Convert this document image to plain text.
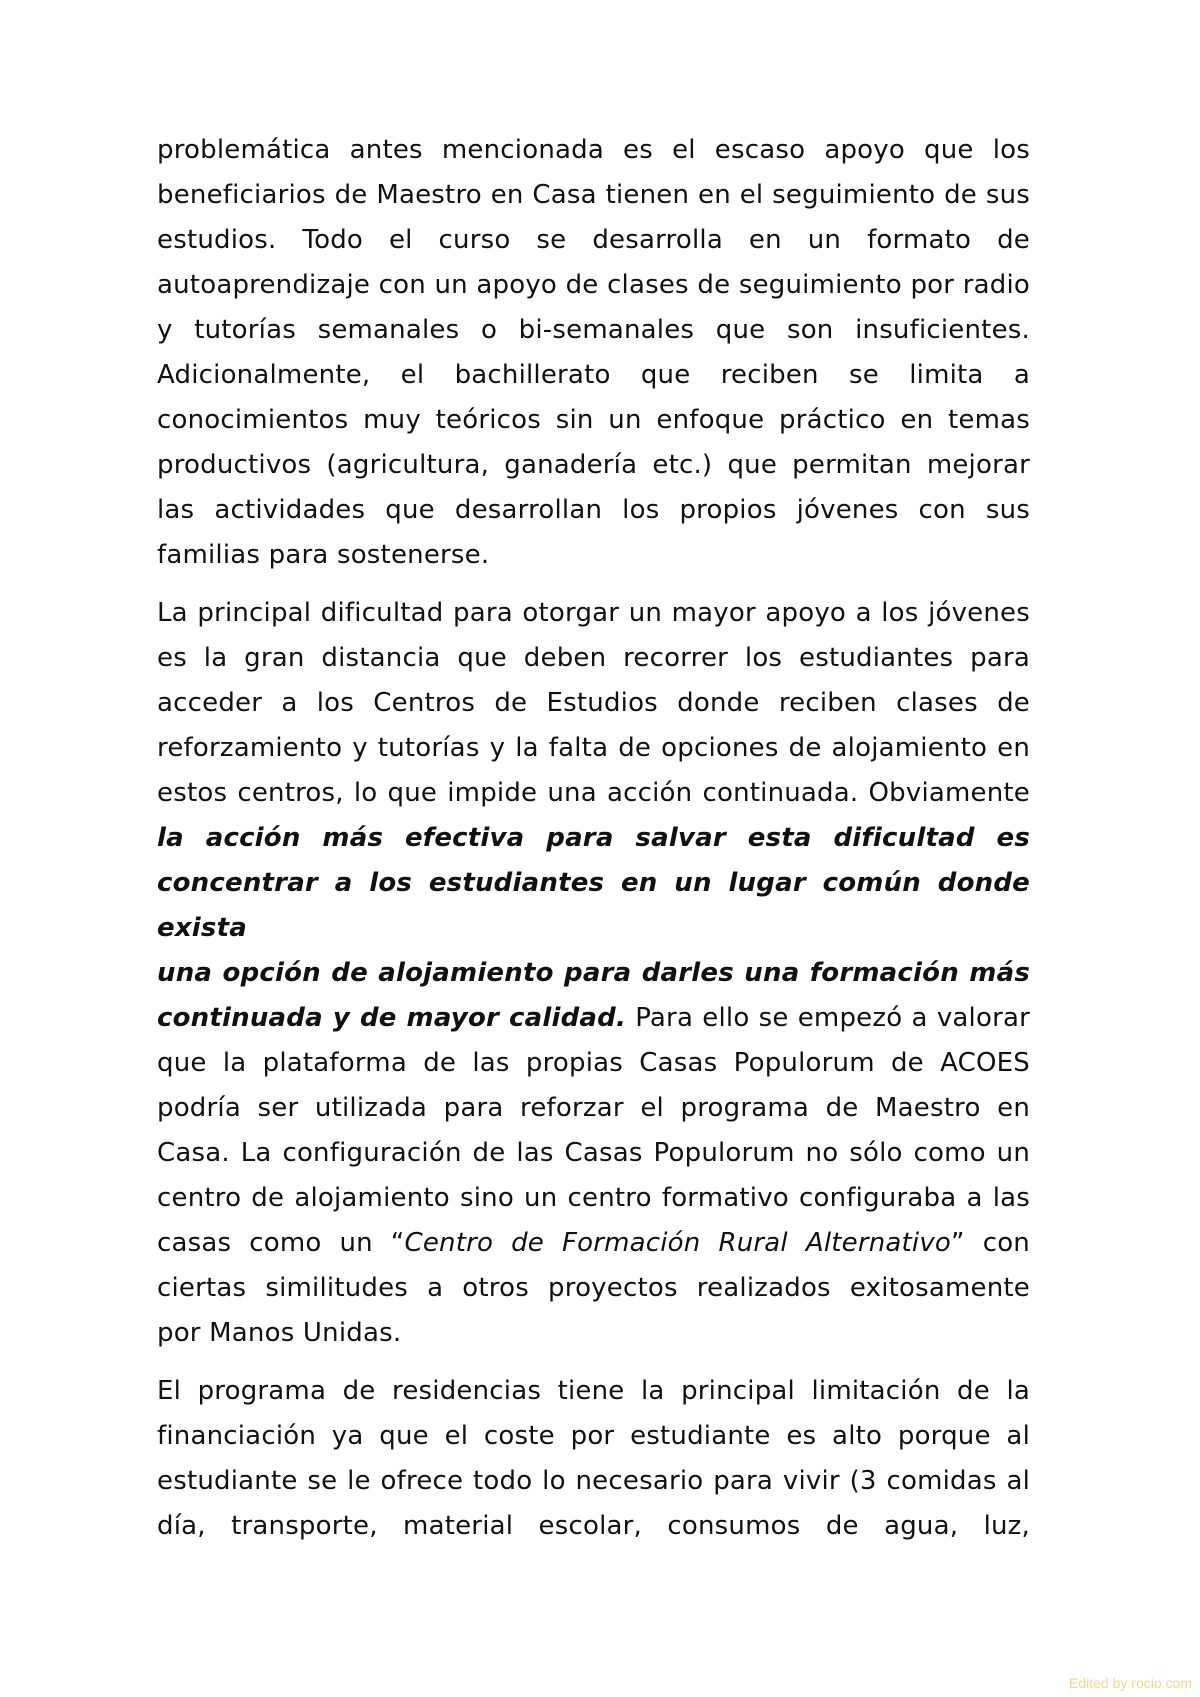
problemática antes mencionada es el escaso apoyo que los
beneficiarios de Maestro en Casa tienen en el seguimiento de sus
estudios. Todo el curso se desarrolla en un formato de
autoaprendizaje con un apoyo de clases de seguimiento por radio
y tutorías semanales o bi-semanales que son insuficientes.
Adicionalmente, el bachillerato que reciben se limita a
conocimientos muy teóricos sin un enfoque práctico en temas
productivos (agricultura, ganadería etc.) que permitan mejorar
las actividades que desarrollan los propios jóvenes con sus
familias para sostenerse.
La principal dificultad para otorgar un mayor apoyo a los jóvenes
es la gran distancia que deben recorrer los estudiantes para
acceder a los Centros de Estudios donde reciben clases de
reforzamiento y tutorías y la falta de opciones de alojamiento en
estos centros, lo que impide una acción continuada. Obviamente
la acción más efectiva para salvar esta dificultad es
concentrar a los estudiantes en un lugar común donde exista
una opción de alojamiento para darles una formación más
continuada y de mayor calidad. Para ello se empezó a valorar
que la plataforma de las propias Casas Populorum de ACOES
podría ser utilizada para reforzar el programa de Maestro en
Casa. La configuración de las Casas Populorum no sólo como un
centro de alojamiento sino un centro formativo configuraba a las
casas como un “Centro de Formación Rural Alternativo” con
ciertas similitudes a otros proyectos realizados exitosamente
por Manos Unidas.
El programa de residencias tiene la principal limitación de la
financiación ya que el coste por estudiante es alto porque al
estudiante se le ofrece todo lo necesario para vivir (3 comidas al
día, transporte, material escolar, consumos de agua, luz,
Edited by rocio.com
